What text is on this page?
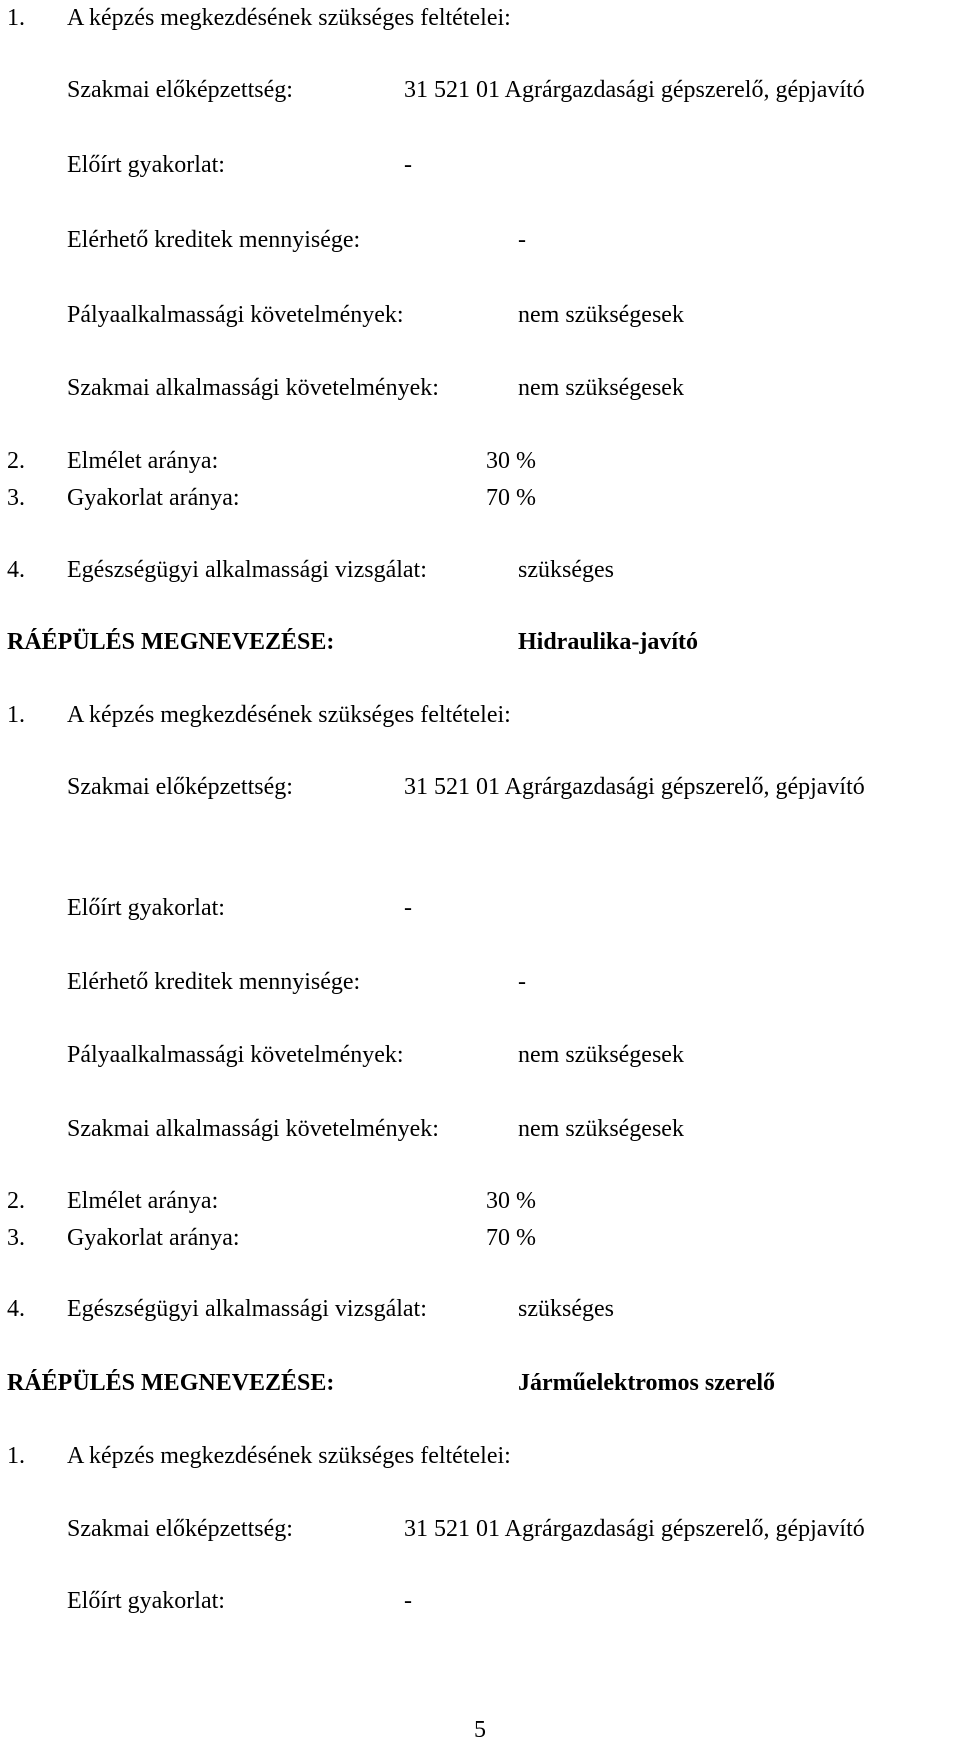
1. A képzés megkezdésének szükséges feltételei:
Szakmai előképzettség:	31 521 01 Agrárgazdasági gépszerelő, gépjavító
Előírt gyakorlat:	-
Elérhető kreditek mennyisége:	-
Pályaalkalmassági követelmények:	nem szükségesek
Szakmai alkalmassági követelmények:	nem szükségesek
2. Elmélet aránya:	30 %
3. Gyakorlat aránya:	70 %
4. Egészségügyi alkalmassági vizsgálat:	szükséges
RÁÉPÜLÉS MEGNEVEZÉSE:	Hidraulika-javító
1. A képzés megkezdésének szükséges feltételei:
Szakmai előképzettség:	31 521 01 Agrárgazdasági gépszerelő, gépjavító
Előírt gyakorlat:	-
Elérhető kreditek mennyisége:	-
Pályaalkalmassági követelmények:	nem szükségesek
Szakmai alkalmassági követelmények:	nem szükségesek
2. Elmélet aránya:	30 %
3. Gyakorlat aránya:	70 %
4. Egészségügyi alkalmassági vizsgálat:	szükséges
RÁÉPÜLÉS MEGNEVEZÉSE:	Járműelektromos szerelő
1. A képzés megkezdésének szükséges feltételei:
Szakmai előképzettség:	31 521 01 Agrárgazdasági gépszerelő, gépjavító
Előírt gyakorlat:	-
5
